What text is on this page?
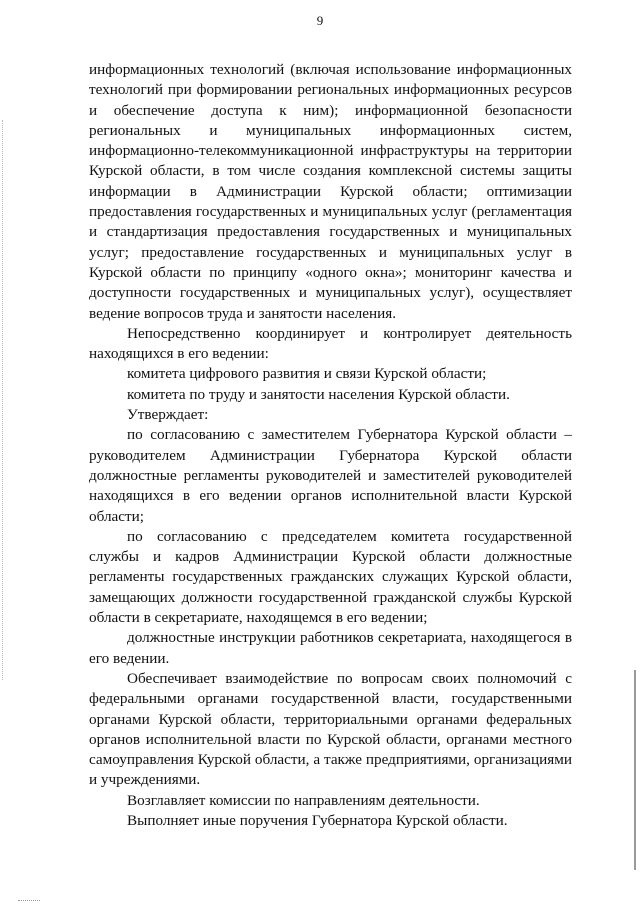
9

информационных технологий (включая использование информационных технологий при формировании региональных информационных ресурсов и обеспечение доступа к ним); информационной безопасности региональных и муниципальных информационных систем, информационно-телекоммуникационной инфраструктуры на территории Курской области, в том числе создания комплексной системы защиты информации в Администрации Курской области; оптимизации предоставления государственных и муниципальных услуг (регламентация и стандартизация предоставления государственных и муниципальных услуг; предоставление государственных и муниципальных услуг в Курской области по принципу «одного окна»; мониторинг качества и доступности государственных и муниципальных услуг), осуществляет ведение вопросов труда и занятости населения.

Непосредственно координирует и контролирует деятельность находящихся в его ведении:

комитета цифрового развития и связи Курской области;

комитета по труду и занятости населения Курской области.

Утверждает:

по согласованию с заместителем Губернатора Курской области – руководителем Администрации Губернатора Курской области должностные регламенты руководителей и заместителей руководителей находящихся в его ведении органов исполнительной власти Курской области;

по согласованию с председателем комитета государственной службы и кадров Администрации Курской области должностные регламенты государственных гражданских служащих Курской области, замещающих должности государственной гражданской службы Курской области в секретариате, находящемся в его ведении;

должностные инструкции работников секретариата, находящегося в его ведении.

Обеспечивает взаимодействие по вопросам своих полномочий с федеральными органами государственной власти, государственными органами Курской области, территориальными органами федеральных органов исполнительной власти по Курской области, органами местного самоуправления Курской области, а также предприятиями, организациями и учреждениями.

Возглавляет комиссии по направлениям деятельности.

Выполняет иные поручения Губернатора Курской области.
